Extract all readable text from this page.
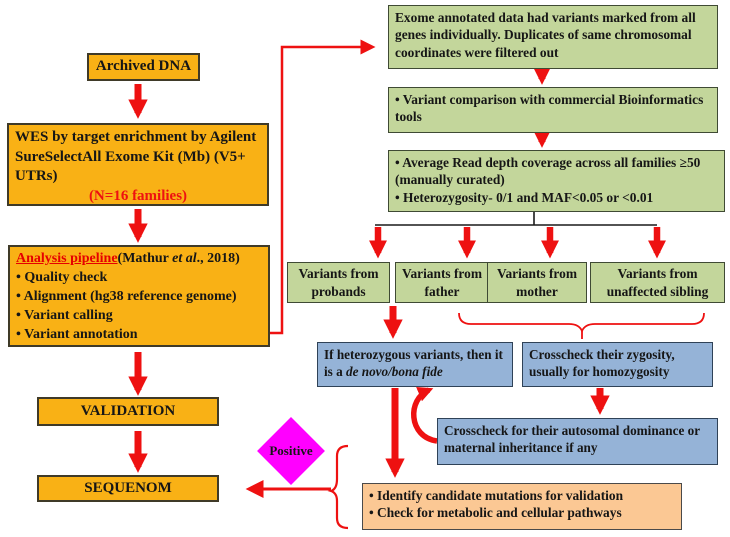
Archived DNA
WES by target enrichment by Agilent SureSelectAll Exome Kit (Mb) (V5+ UTRs)
(N=16 families)
Analysis pipeline(Mathur et al., 2018)
• Quality check
• Alignment (hg38 reference genome)
• Variant calling
• Variant annotation
VALIDATION
SEQUENOM
Exome annotated data had variants marked from all genes individually. Duplicates of same chromosomal coordinates were filtered out
• Variant comparison with commercial Bioinformatics tools
• Average Read depth coverage across all families ≥50 (manually curated)
• Heterozygosity- 0/1 and MAF<0.05 or <0.01
Variants from probands
Variants from father
Variants from mother
Variants from unaffected sibling
If heterozygous variants, then it is a de novo/bona fide
Crosscheck their zygosity, usually for homozygosity
Crosscheck for their autosomal dominance or maternal inheritance if any
• Identify candidate mutations for validation
• Check for metabolic and cellular pathways
Positive
